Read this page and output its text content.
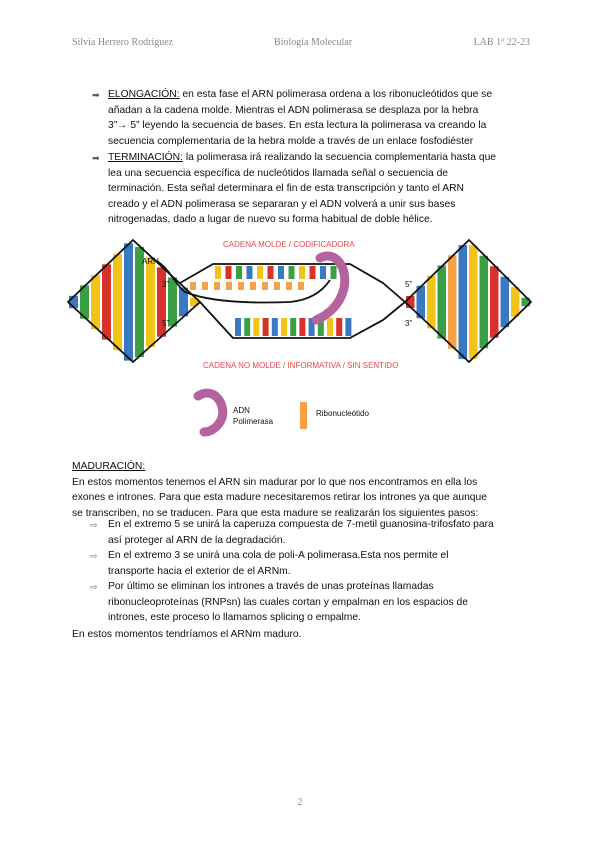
Silvia Herrero Rodriguez	Biología Molecular	LAB 1º 22-23
➡ ELONGACIÓN: en esta fase el ARN polimerasa ordena a los ribonucleótidos que se
añadan a la cadena molde. Mientras el ADN polimerasa se desplaza por la hebra
3”→ 5” leyendo la secuencia de bases. En esta lectura la polimerasa va creando la
secuencia complementaria de la hebra molde a través de un enlace fosfodiéster
➡ TERMINACIÓN: la polimerasa irá realizando la secuencia complementaria hasta que
lea una secuencia específica de nucleótidos llamada señal o secuencia de
terminación. Esta señal determinara el fin de esta transcripción y tanto el ARN
creado y el ADN polimerasa se separaran y el ADN volverá a unir sus bases
nitrogenadas, dado a lugar de nuevo su forma habitual de doble hélice.
CADENA MOLDE / CODIFICADORA
CADENA NO MOLDE / INFORMATIVA / SIN SENTIDO
ARN
3”
5”
5”
3”
ADN
Polimerasa
Ribonucleótido
MADURACIÓN:
En estos momentos tenemos el ARN sin madurar por lo que nos encontramos en ella los
exones e intrones. Para que esta madure necesitaremos retirar los intrones ya que aunque
se transcriben, no se traducen. Para que esta madure se realizarán los siguientes pasos:
⇨ En el extremo 5 se unirá la caperuza compuesta de 7-metil guanosina-trifosfato para
así proteger al ARN de la degradación.
⇨ En el extremo 3 se unirá una cola de poli-A polimerasa.Esta nos permite el
transporte hacia el exterior de el ARNm.
⇨ Por último se eliminan los intrones a través de unas proteínas llamadas
ribonucleoproteínas (RNPsn) las cuales cortan y empalman en los espacios de
intrones, este proceso lo llamamos splicing o empalme.
En estos momentos tendríamos el ARNm maduro.
2
